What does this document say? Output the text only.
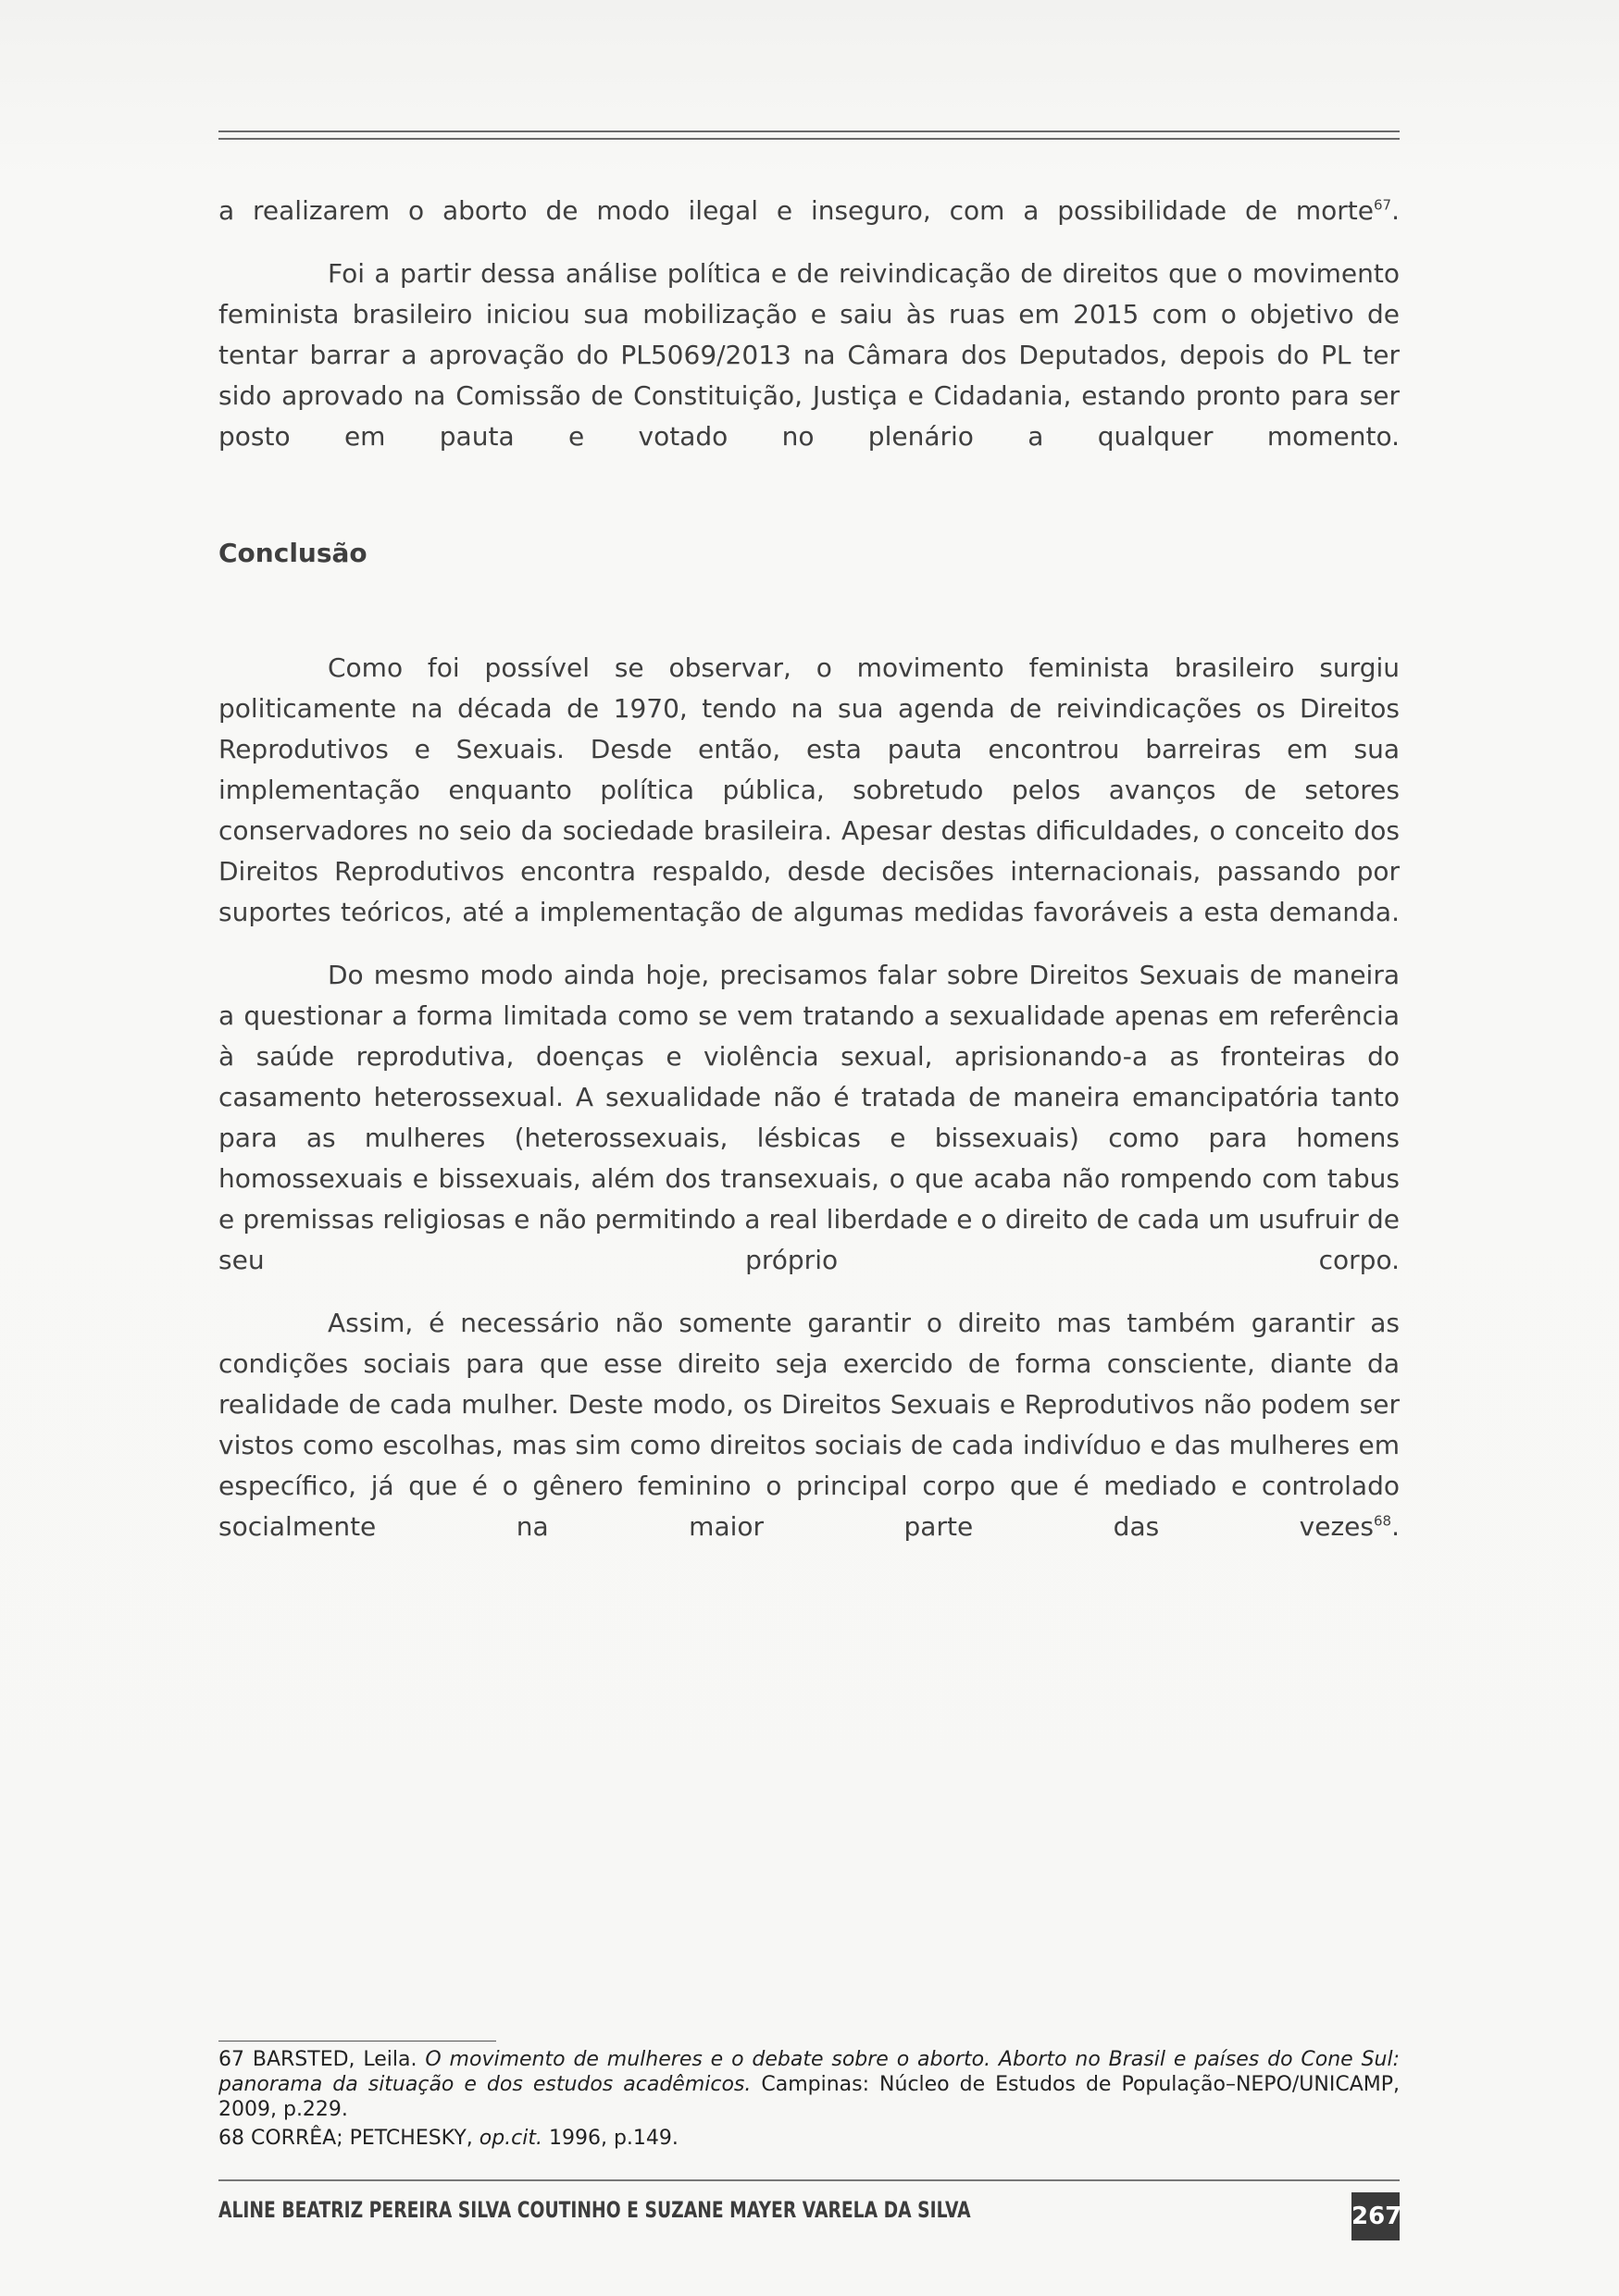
a realizarem o aborto de modo ilegal e inseguro, com a possibilidade de morte$^{67}$.

Foi a partir dessa análise política e de reivindicação de direitos que o movimento feminista brasileiro iniciou sua mobilização e saiu às ruas em 2015 com o objetivo de tentar barrar a aprovação do PL5069/2013 na Câmara dos Deputados, depois do PL ter sido aprovado na Comissão de Constituição, Justiça e Cidadania, estando pronto para ser posto em pauta e votado no plenário a qualquer momento.

Conclusão

Como foi possível se observar, o movimento feminista brasileiro surgiu politicamente na década de 1970, tendo na sua agenda de reivindicações os Direitos Reprodutivos e Sexuais. Desde então, esta pauta encontrou barreiras em sua implementação enquanto política pública, sobretudo pelos avanços de setores conservadores no seio da sociedade brasileira. Apesar destas dificuldades, o conceito dos Direitos Reprodutivos encontra respaldo, desde decisões internacionais, passando por suportes teóricos, até a implementação de algumas medidas favoráveis a esta demanda.

Do mesmo modo ainda hoje, precisamos falar sobre Direitos Sexuais de maneira a questionar a forma limitada como se vem tratando a sexualidade apenas em referência à saúde reprodutiva, doenças e violência sexual, aprisionando-a as fronteiras do casamento heterossexual. A sexualidade não é tratada de maneira emancipatória tanto para as mulheres (heterossexuais, lésbicas e bissexuais) como para homens homossexuais e bissexuais, além dos transexuais, o que acaba não rompendo com tabus e premissas religiosas e não permitindo a real liberdade e o direito de cada um usufruir de seu próprio corpo.

Assim, é necessário não somente garantir o direito mas também garantir as condições sociais para que esse direito seja exercido de forma consciente, diante da realidade de cada mulher. Deste modo, os Direitos Sexuais e Reprodutivos não podem ser vistos como escolhas, mas sim como direitos sociais de cada indivíduo e das mulheres em específico, já que é o gênero feminino o principal corpo que é mediado e controlado socialmente na maior parte das vezes$^{68}$.

67 BARSTED, Leila. O movimento de mulheres e o debate sobre o aborto. Aborto no Brasil e países do Cone Sul: panorama da situação e dos estudos acadêmicos. Campinas: Núcleo de Estudos de População–NEPO/UNICAMP, 2009, p.229.

68 CORRÊA; PETCHESKY, op.cit. 1996, p.149.

ALINE BEATRIZ PEREIRA SILVA COUTINHO E SUZANE MAYER VARELA DA SILVA	267
